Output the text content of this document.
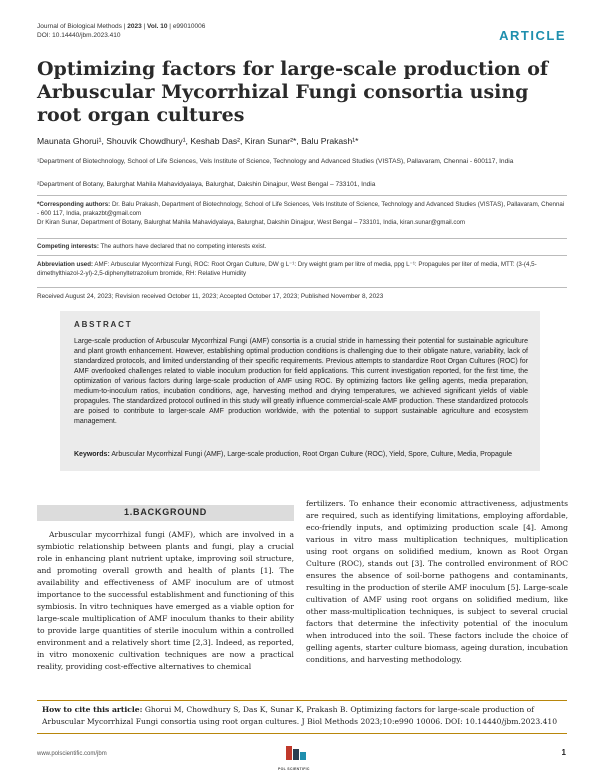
Journal of Biological Methods | 2023 | Vol. 10 | e99010006
DOI: 10.14440/jbm.2023.410	ARTICLE
Optimizing factors for large-scale production of Arbuscular Mycorrhizal Fungi consortia using root organ cultures
Maunata Ghorui¹, Shouvik Chowdhury¹, Keshab Das², Kiran Sunar²*, Balu Prakash¹*
¹Department of Biotechnology, School of Life Sciences, Vels Institute of Science, Technology and Advanced Studies (VISTAS), Pallavaram, Chennai - 600117, India
²Department of Botany, Balurghat Mahila Mahavidyalaya, Balurghat, Dakshin Dinajpur, West Bengal – 733101, India
*Corresponding authors: Dr. Balu Prakash, Department of Biotechnology, School of Life Sciences, Vels Institute of Science, Technology and Advanced Studies (VISTAS), Pallavaram, Chennai - 600 117, India, prakazbt@gmail.com
Dr Kiran Sunar, Department of Botany, Balurghat Mahila Mahavidyalaya, Balurghat, Dakshin Dinajpur, West Bengal – 733101, India, kiran.sunar@gmail.com
Competing interests: The authors have declared that no competing interests exist.
Abbreviation used: AMF: Arbuscular Mycorrhizal Fungi, ROC: Root Organ Culture, DW g L⁻¹: Dry weight gram per litre of media, ppg L⁻¹: Propagules per liter of media, MTT: (3-(4,5-dimethylthiazol-2-yl)-2,5-diphenyltetrazolium bromide, RH: Relative Humidity
Received August 24, 2023; Revision received October 11, 2023; Accepted October 17, 2023; Published November 8, 2023
ABSTRACT

Large-scale production of Arbuscular Mycorrhizal Fungi (AMF) consortia is a crucial stride in harnessing their potential for sustainable agriculture and plant growth enhancement. However, establishing optimal production conditions is challenging due to their obligate nature, variability, lack of standardized protocols, and limited understanding of their specific requirements. Previous attempts to standardize Root Organ Cultures (ROC) for AMF overlooked challenges related to viable inoculum production for field applications. This current investigation reported, for the first time, the optimization of various factors during large-scale production of AMF using ROC. By optimizing factors like gelling agents, media preparation, medium-to-inoculum ratios, incubation conditions, age, harvesting method and drying temperatures, we achieved significant yields of viable propagules. The standardized protocol outlined in this study will greatly influence commercial-scale AMF production. These standardized protocols are poised to contribute to larger-scale AMF production worldwide, with the potential to support sustainable agriculture and ecosystem management.

Keywords: Arbuscular Mycorrhizal Fungi (AMF), Large-scale production, Root Organ Culture (ROC), Yield, Spore, Culture, Media, Propagule
1.BACKGROUND

Arbuscular mycorrhizal fungi (AMF), which are involved in a symbiotic relationship between plants and fungi, play a crucial role in enhancing plant nutrient uptake, improving soil structure, and promoting overall growth and health of plants [1]. The availability and effectiveness of AMF inoculum are of utmost importance to the successful establishment and functioning of this symbiosis. In vitro techniques have emerged as a viable option for large-scale multiplication of AMF inoculum thanks to their ability to provide large quantities of sterile inoculum within a controlled environment and a relatively short time [2,3]. Indeed, as reported, in vitro monoxenic cultivation techniques are now a practical reality, providing cost-effective alternatives to chemical

fertilizers. To enhance their economic attractiveness, adjustments are required, such as identifying limitations, employing affordable, eco-friendly inputs, and optimizing production scale [4]. Among various in vitro mass multiplication techniques, multiplication using root organs on solidified medium, known as Root Organ Culture (ROC), stands out [3]. The controlled environment of ROC ensures the absence of soil-borne pathogens and contaminants, resulting in the production of sterile AMF inoculum [5]. Large-scale cultivation of AMF using root organs on solidified medium, like other mass-multiplication techniques, is subject to several crucial factors that determine the infectivity potential of the inoculum when introduced into the soil. These factors include the choice of gelling agents, starter culture biomass, ageing duration, incubation conditions, and harvesting methodology.

How to cite this article: Ghorui M, Chowdhury S, Das K, Sunar K, Prakash B. Optimizing factors for large-scale production of Arbuscular Mycorrhizal Fungi consortia using root organ cultures. J Biol Methods 2023;10:e990 10006. DOI: 10.14440/jbm.2023.410
www.polscientific.com/jbm
POL SCIENTIFIC
1
